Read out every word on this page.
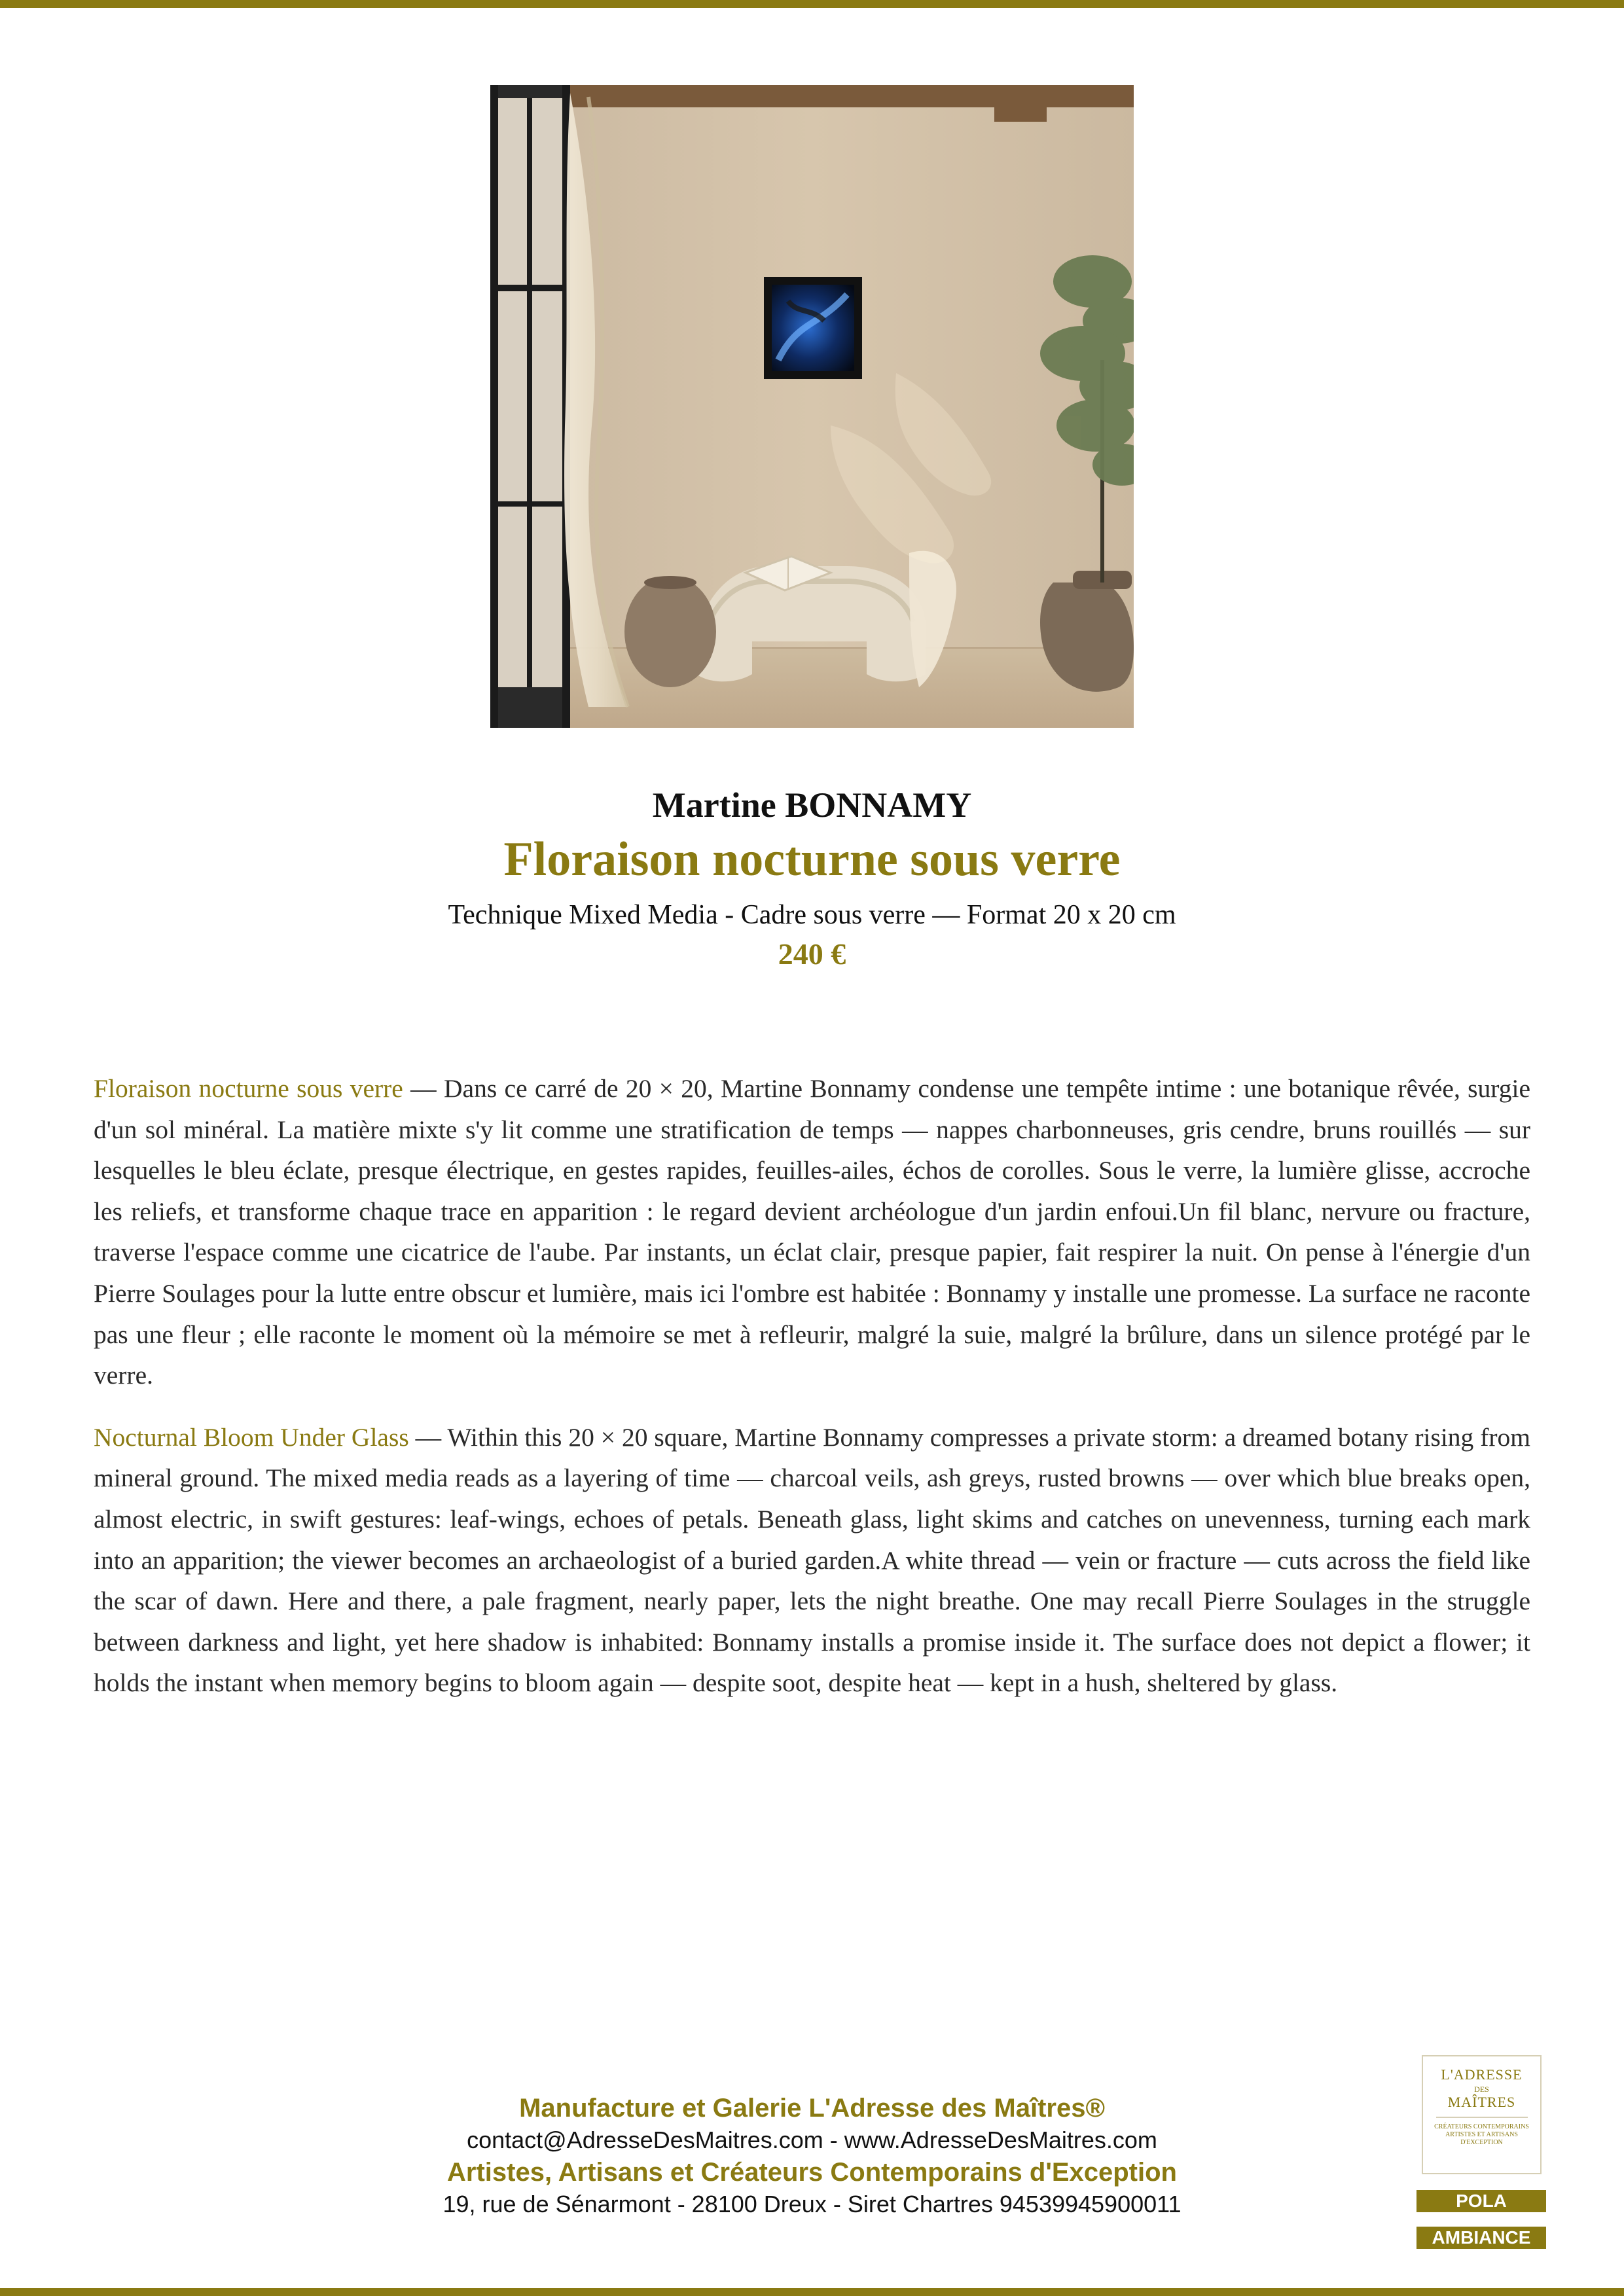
Martine BONNAMY
Floraison nocturne sous verre
Technique Mixed Media - Cadre sous verre — Format 20 x 20 cm
240 €

Floraison nocturne sous verre — Dans ce carré de 20 × 20, Martine Bonnamy condense une tempête intime : une botanique rêvée, surgie d'un sol minéral. La matière mixte s'y lit comme une stratification de temps — nappes charbonneuses, gris cendre, bruns rouillés — sur lesquelles le bleu éclate, presque électrique, en gestes rapides, feuilles-ailes, échos de corolles. Sous le verre, la lumière glisse, accroche les reliefs, et transforme chaque trace en apparition : le regard devient archéologue d'un jardin enfoui.Un fil blanc, nervure ou fracture, traverse l'espace comme une cicatrice de l'aube. Par instants, un éclat clair, presque papier, fait respirer la nuit. On pense à l'énergie d'un Pierre Soulages pour la lutte entre obscur et lumière, mais ici l'ombre est habitée : Bonnamy y installe une promesse. La surface ne raconte pas une fleur ; elle raconte le moment où la mémoire se met à refleurir, malgré la suie, malgré la brûlure, dans un silence protégé par le verre.

Nocturnal Bloom Under Glass — Within this 20 × 20 square, Martine Bonnamy compresses a private storm: a dreamed botany rising from mineral ground. The mixed media reads as a layering of time — charcoal veils, ash greys, rusted browns — over which blue breaks open, almost electric, in swift gestures: leaf-wings, echoes of petals. Beneath glass, light skims and catches on unevenness, turning each mark into an apparition; the viewer becomes an archaeologist of a buried garden.A white thread — vein or fracture — cuts across the field like the scar of dawn. Here and there, a pale fragment, nearly paper, lets the night breathe. One may recall Pierre Soulages in the struggle between darkness and light, yet here shadow is inhabited: Bonnamy installs a promise inside it. The surface does not depict a flower; it holds the instant when memory begins to bloom again — despite soot, despite heat — kept in a hush, sheltered by glass.

Manufacture et Galerie L'Adresse des Maîtres®
contact@AdresseDesMaitres.com - www.AdresseDesMaitres.com
Artistes, Artisans et Créateurs Contemporains d'Exception
19, rue de Sénarmont - 28100 Dreux - Siret Chartres 94539945900011
L'ADRESSE
DES
MAÎTRES
CRÉATEURS CONTEMPORAINS ARTISTES ET ARTISANS D'EXCEPTION
POLA
AMBIANCE
